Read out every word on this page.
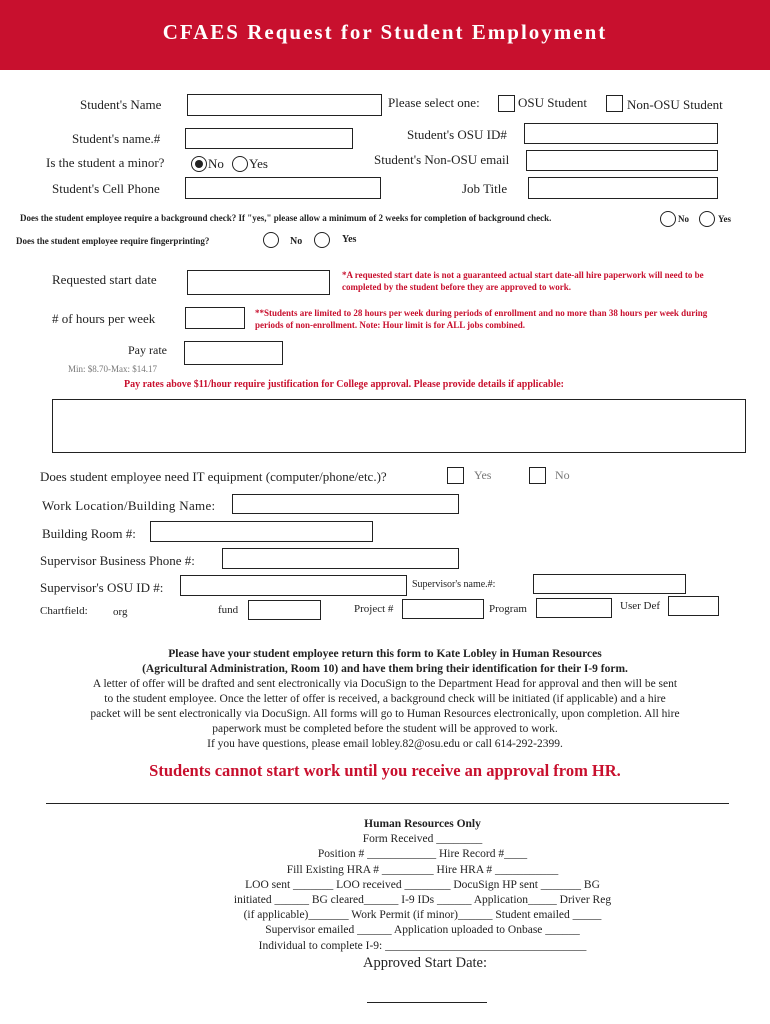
CFAES Request for Student Employment
Student's Name	Please select one:	OSU Student	Non-OSU Student
Student's name.#	Student's OSU ID#
Is the student a minor?	No Yes	Student's Non-OSU email
Student's Cell Phone	Job Title
Does the student employee require a background check? If "yes," please allow a minimum of 2 weeks for completion of background check.	No	Yes
Does the student employee require fingerprinting?	No	Yes
Requested start date	*A requested start date is not a guaranteed actual start date-all hire paperwork will need to be completed by the student before they are approved to work.
# of hours per week	**Students are limited to 28 hours per week during periods of enrollment and no more than 38 hours per week during periods of non-enrollment. Note: Hour limit is for ALL jobs combined.
Pay rate
Min: $8.70-Max: $14.17
Pay rates above $11/hour require justification for College approval. Please provide details if applicable:
Does student employee need IT equipment (computer/phone/etc.)?	Yes	No
Work Location/Building Name:
Building Room #:
Supervisor Business Phone #:
Supervisor's OSU ID #:	Supervisor's name.#:
Chartfield: org	fund	Project #	Program	User Def
Please have your student employee return this form to Kate Lobley in Human Resources
(Agricultural Administration, Room 10) and have them bring their identification for their I-9 form.
A letter of offer will be drafted and sent electronically via DocuSign to the Department Head for approval and then will be sent
to the student employee. Once the letter of offer is received, a background check will be initiated (if applicable) and a hire
packet will be sent electronically via DocuSign. All forms will go to Human Resources electronically, upon completion. All hire
paperwork must be completed before the student will be approved to work.
If you have questions, please email lobley.82@osu.edu or call 614-292-2399.
Students cannot start work until you receive an approval from HR.
Human Resources Only
Form Received ________
Position # ____________ Hire Record #____
Fill Existing HRA # _________ Hire HRA # ___________
LOO sent _______ LOO received ________ DocuSign HP sent _______ BG
initiated ______ BG cleared______ I-9 IDs ______ Application_____ Driver Reg
(if applicable)_______ Work Permit (if minor)______ Student emailed _____
Supervisor emailed ______ Application uploaded to Onbase ______
Individual to complete I-9: ___________________________________
Approved Start Date:
